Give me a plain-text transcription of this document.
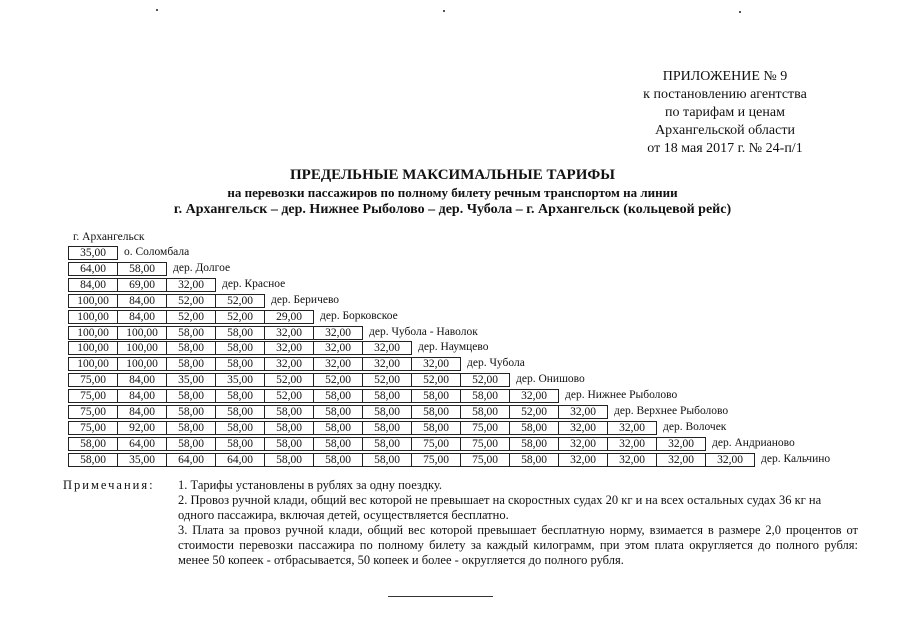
ПРИЛОЖЕНИЕ № 9
к постановлению агентства
по тарифам и ценам
Архангельской области
от 18 мая 2017 г. № 24-п/1
ПРЕДЕЛЬНЫЕ МАКСИМАЛЬНЫЕ ТАРИФЫ
на перевозки пассажиров по полному билету речным транспортом на линии
г. Архангельск – дер. Нижнее Рыболово – дер. Чубола – г. Архангельск (кольцевой рейс)
г. Архангельск
35,00	о. Соломбала
64,00	58,00	дер. Долгое
84,00	69,00	32,00	дер. Красное
100,00	84,00	52,00	52,00	дер. Беричево
100,00	84,00	52,00	52,00	29,00	дер. Борковское
100,00	100,00	58,00	58,00	32,00	32,00	дер. Чубола - Наволок
100,00	100,00	58,00	58,00	32,00	32,00	32,00	дер. Наумцево
100,00	100,00	58,00	58,00	32,00	32,00	32,00	32,00	дер. Чубола
75,00	84,00	35,00	35,00	52,00	52,00	52,00	52,00	52,00	дер. Онишово
75,00	84,00	58,00	58,00	52,00	58,00	58,00	58,00	58,00	32,00	дер. Нижнее Рыболово
75,00	84,00	58,00	58,00	58,00	58,00	58,00	58,00	58,00	52,00	32,00	дер. Верхнее Рыболово
75,00	92,00	58,00	58,00	58,00	58,00	58,00	58,00	75,00	58,00	32,00	32,00	дер. Волочек
58,00	64,00	58,00	58,00	58,00	58,00	58,00	75,00	75,00	58,00	32,00	32,00	32,00	дер. Андрианово
58,00	35,00	64,00	64,00	58,00	58,00	58,00	75,00	75,00	58,00	32,00	32,00	32,00	32,00	дер. Кальчино
Примечания: 1. Тарифы установлены в рублях за одну поездку.
2. Провоз ручной клади, общий вес которой не превышает на скоростных судах 20 кг и на всех остальных судах 36 кг на одного пассажира, включая детей, осуществляется бесплатно.
3. Плата за провоз ручной клади, общий вес которой превышает бесплатную норму, взимается в размере 2,0 процентов от стоимости перевозки пассажира по полному билету за каждый килограмм, при этом плата округляется до полного рубля: менее 50 копеек - отбрасывается, 50 копеек и более - округляется до полного рубля.
